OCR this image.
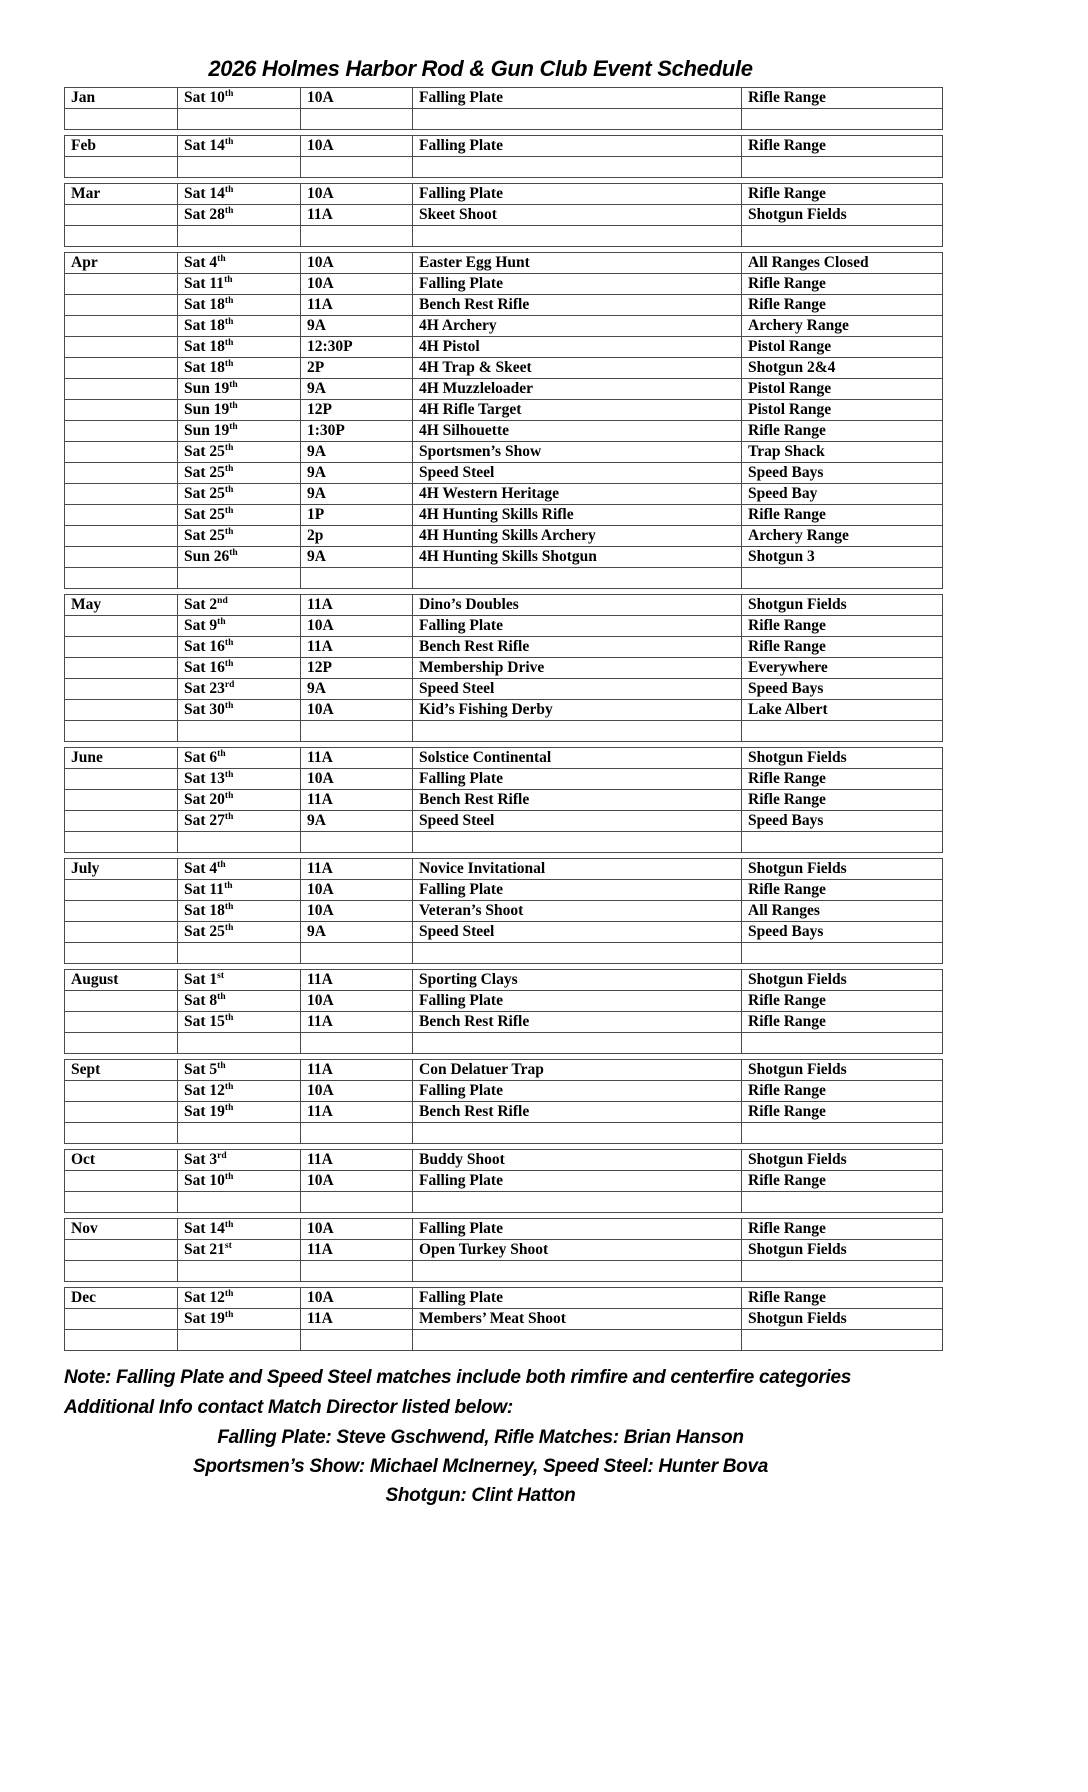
2026 Holmes Harbor Rod & Gun Club Event Schedule
Jan	Sat 10th	10A	Falling Plate	Rifle Range

Feb	Sat 14th	10A	Falling Plate	Rifle Range

Mar	Sat 14th	10A	Falling Plate	Rifle Range
	Sat 28th	11A	Skeet Shoot	Shotgun Fields

Apr	Sat 4th	10A	Easter Egg Hunt	All Ranges Closed
	Sat 11th	10A	Falling Plate	Rifle Range
	Sat 18th	11A	Bench Rest Rifle	Rifle Range
	Sat 18th	9A	4H Archery	Archery Range
	Sat 18th	12:30P	4H Pistol	Pistol Range
	Sat 18th	2P	4H Trap & Skeet	Shotgun 2&4
	Sun 19th	9A	4H Muzzleloader	Pistol Range
	Sun 19th	12P	4H Rifle Target	Pistol Range
	Sun 19th	1:30P	4H Silhouette	Rifle Range
	Sat 25th	9A	Sportsmen’s Show	Trap Shack
	Sat 25th	9A	Speed Steel	Speed Bays
	Sat 25th	9A	4H Western Heritage	Speed Bay
	Sat 25th	1P	4H Hunting Skills Rifle	Rifle Range
	Sat 25th	2p	4H Hunting Skills Archery	Archery Range
	Sun 26th	9A	4H Hunting Skills Shotgun	Shotgun 3

May	Sat 2nd	11A	Dino’s Doubles	Shotgun Fields
	Sat 9th	10A	Falling Plate	Rifle Range
	Sat 16th	11A	Bench Rest Rifle	Rifle Range
	Sat 16th	12P	Membership Drive	Everywhere
	Sat 23rd	9A	Speed Steel	Speed Bays
	Sat 30th	10A	Kid’s Fishing Derby	Lake Albert

June	Sat 6th	11A	Solstice Continental	Shotgun Fields
	Sat 13th	10A	Falling Plate	Rifle Range
	Sat 20th	11A	Bench Rest Rifle	Rifle Range
	Sat 27th	9A	Speed Steel	Speed Bays

July	Sat 4th	11A	Novice Invitational	Shotgun Fields
	Sat 11th	10A	Falling Plate	Rifle Range
	Sat 18th	10A	Veteran’s Shoot	All Ranges
	Sat 25th	9A	Speed Steel	Speed Bays

August	Sat 1st	11A	Sporting Clays	Shotgun Fields
	Sat 8th	10A	Falling Plate	Rifle Range
	Sat 15th	11A	Bench Rest Rifle	Rifle Range

Sept	Sat 5th	11A	Con Delatuer Trap	Shotgun Fields
	Sat 12th	10A	Falling Plate	Rifle Range
	Sat 19th	11A	Bench Rest Rifle	Rifle Range

Oct	Sat 3rd	11A	Buddy Shoot	Shotgun Fields
	Sat 10th	10A	Falling Plate	Rifle Range

Nov	Sat 14th	10A	Falling Plate	Rifle Range
	Sat 21st	11A	Open Turkey Shoot	Shotgun Fields

Dec	Sat 12th	10A	Falling Plate	Rifle Range
	Sat 19th	11A	Members’ Meat Shoot	Shotgun Fields

Note: Falling Plate and Speed Steel matches include both rimfire and centerfire categories
Additional Info contact Match Director listed below:
Falling Plate: Steve Gschwend, Rifle Matches: Brian Hanson
Sportsmen’s Show: Michael McInerney, Speed Steel: Hunter Bova
Shotgun: Clint Hatton
